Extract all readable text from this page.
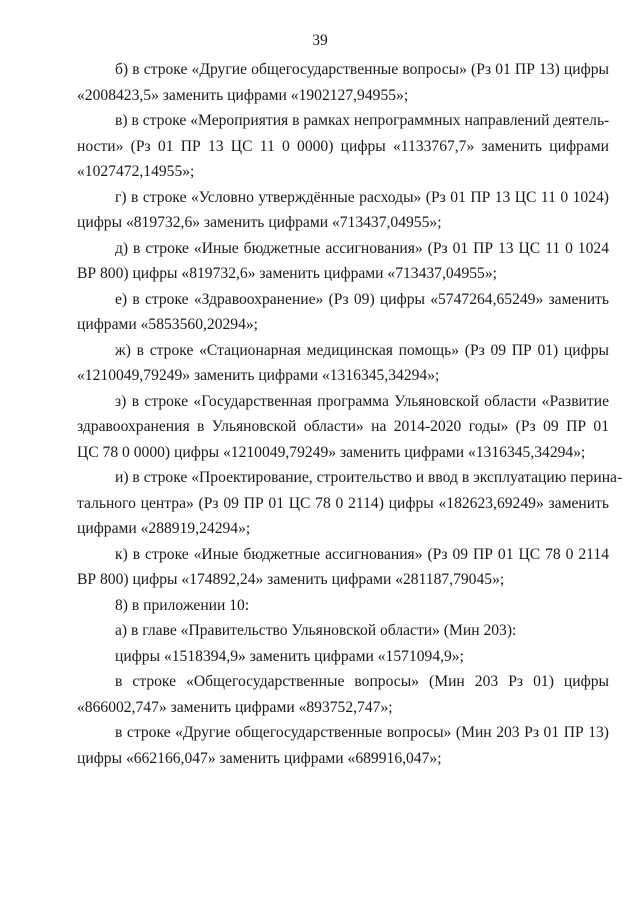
39
б) в строке «Другие общегосударственные вопросы» (Рз 01 ПР 13) цифры
«2008423,5» заменить цифрами «1902127,94955»;
в) в строке «Мероприятия в рамках непрограммных направлений деятель-
ности» (Рз 01 ПР 13 ЦС 11 0 0000) цифры «1133767,7» заменить цифрами
«1027472,14955»;
г) в строке «Условно утверждённые расходы» (Рз 01 ПР 13 ЦС 11 0 1024)
цифры «819732,6» заменить цифрами «713437,04955»;
д) в строке «Иные бюджетные ассигнования» (Рз 01 ПР 13 ЦС 11 0 1024
ВР 800) цифры «819732,6» заменить цифрами «713437,04955»;
е) в строке «Здравоохранение» (Рз 09) цифры «5747264,65249» заменить
цифрами «5853560,20294»;
ж) в строке «Стационарная медицинская помощь» (Рз 09 ПР 01) цифры
«1210049,79249» заменить цифрами «1316345,34294»;
з) в строке «Государственная программа Ульяновской области «Развитие
здравоохранения в Ульяновской области» на 2014-2020 годы» (Рз 09 ПР 01
ЦС 78 0 0000) цифры «1210049,79249» заменить цифрами «1316345,34294»;
и) в строке «Проектирование, строительство и ввод в эксплуатацию перина-
тального центра» (Рз 09 ПР 01 ЦС 78 0 2114) цифры «182623,69249» заменить
цифрами «288919,24294»;
к) в строке «Иные бюджетные ассигнования» (Рз 09 ПР 01 ЦС 78 0 2114
ВР 800) цифры «174892,24» заменить цифрами «281187,79045»;
8) в приложении 10:
а) в главе «Правительство Ульяновской области» (Мин 203):
цифры «1518394,9» заменить цифрами «1571094,9»;
в строке «Общегосударственные вопросы» (Мин 203 Рз 01) цифры
«866002,747» заменить цифрами «893752,747»;
в строке «Другие общегосударственные вопросы» (Мин 203 Рз 01 ПР 13)
цифры «662166,047» заменить цифрами «689916,047»;
